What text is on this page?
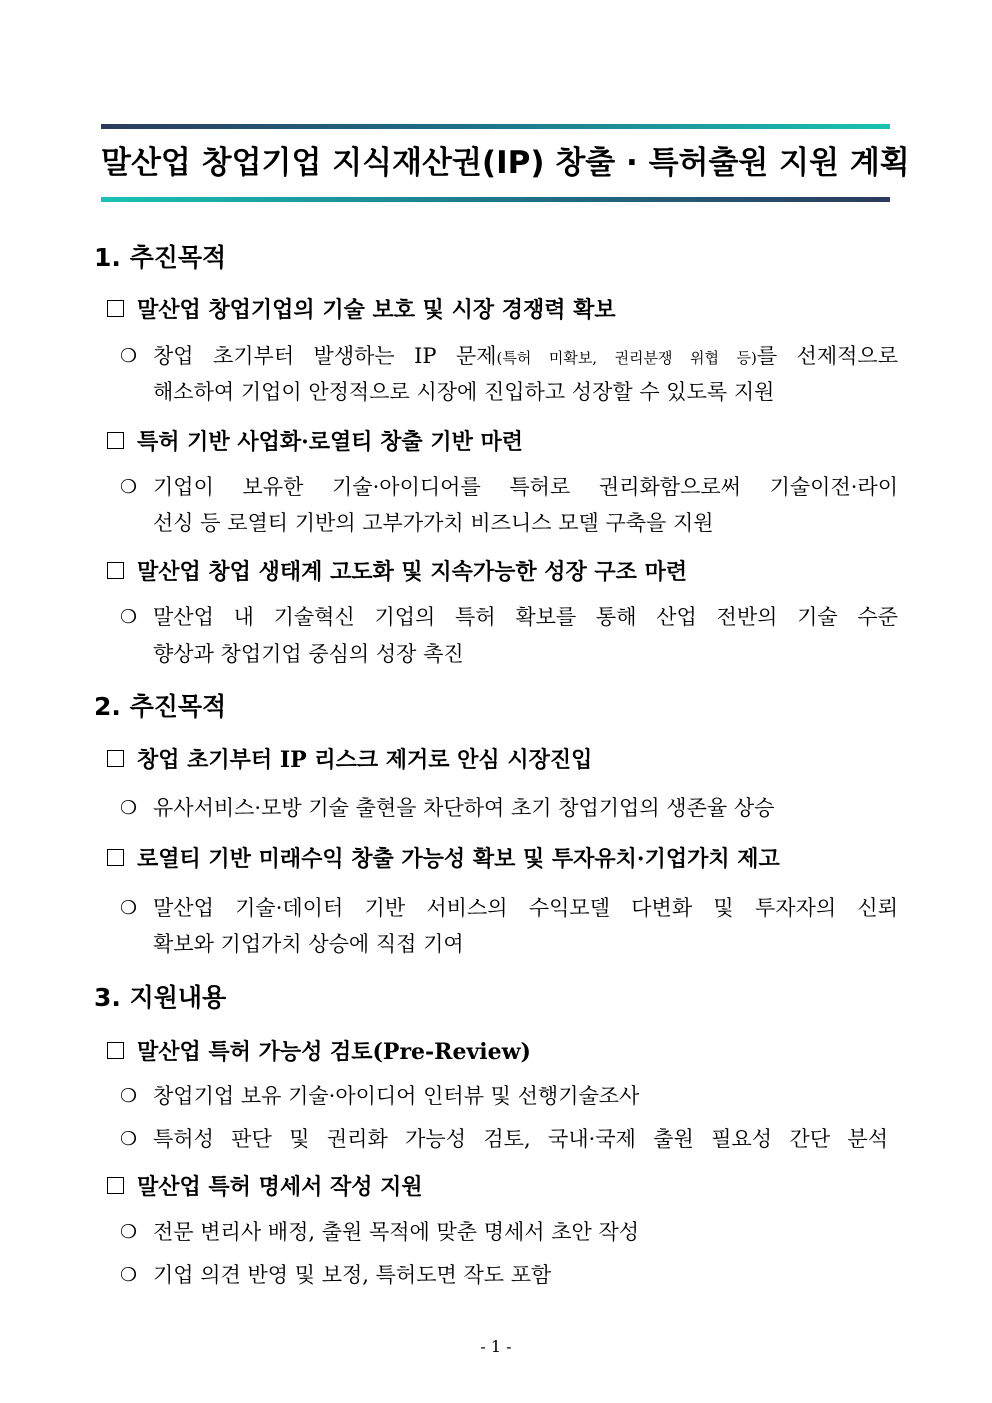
말산업 창업기업 지식재산권(IP) 창출 · 특허출원 지원 계획
1. 추진목적
말산업 창업기업의 기술 보호 및 시장 경쟁력 확보
❍ 창업 초기부터 발생하는 IP 문제(특허 미확보, 권리분쟁 위협 등)를 선제적으로
해소하여 기업이 안정적으로 시장에 진입하고 성장할 수 있도록 지원
특허 기반 사업화·로열티 창출 기반 마련
❍ 기업이 보유한 기술·아이디어를 특허로 권리화함으로써 기술이전·라이
선싱 등 로열티 기반의 고부가가치 비즈니스 모델 구축을 지원
말산업 창업 생태계 고도화 및 지속가능한 성장 구조 마련
❍ 말산업 내 기술혁신 기업의 특허 확보를 통해 산업 전반의 기술 수준
향상과 창업기업 중심의 성장 촉진
2. 추진목적
창업 초기부터 IP 리스크 제거로 안심 시장진입
❍ 유사서비스·모방 기술 출현을 차단하여 초기 창업기업의 생존율 상승
로열티 기반 미래수익 창출 가능성 확보 및 투자유치·기업가치 제고
❍ 말산업 기술·데이터 기반 서비스의 수익모델 다변화 및 투자자의 신뢰
확보와 기업가치 상승에 직접 기여
3. 지원내용
말산업 특허 가능성 검토(Pre-Review)
❍ 창업기업 보유 기술·아이디어 인터뷰 및 선행기술조사
❍ 특허성 판단 및 권리화 가능성 검토, 국내·국제 출원 필요성 간단 분석
말산업 특허 명세서 작성 지원
❍ 전문 변리사 배정, 출원 목적에 맞춘 명세서 초안 작성
❍ 기업 의견 반영 및 보정, 특허도면 작도 포함
- 1 -
